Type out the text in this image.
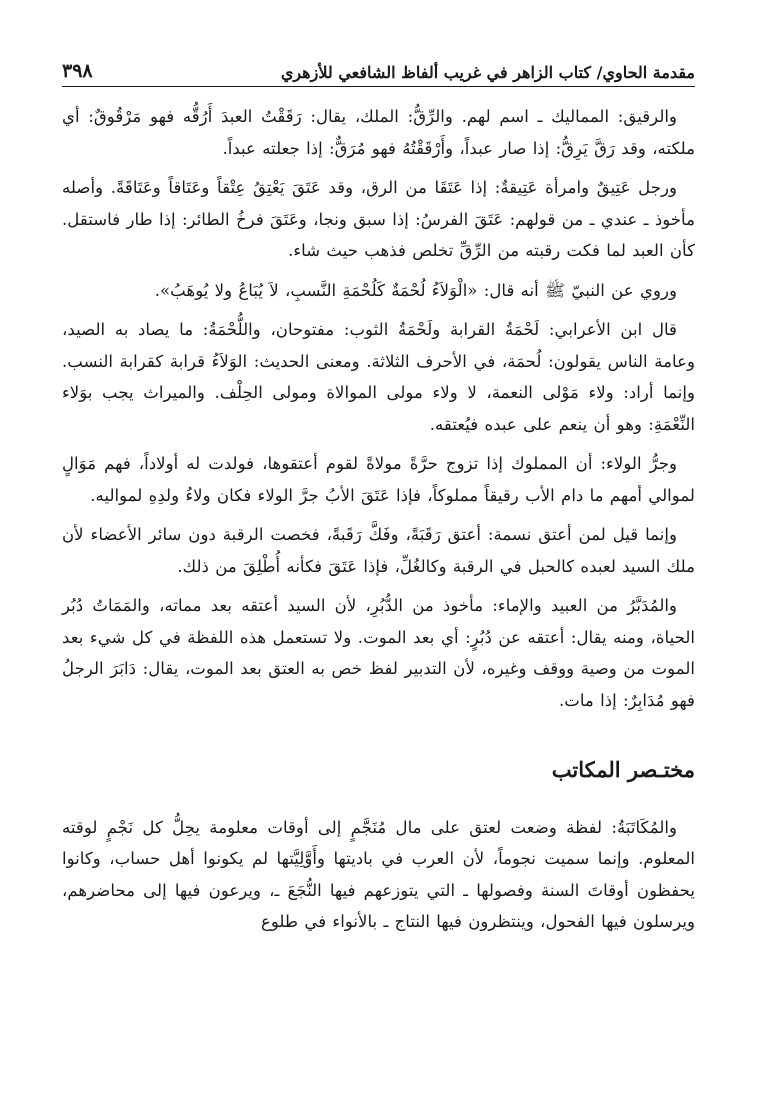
مقدمة الحاوي/ كتاب الزاهر في غريب ألفاظ الشافعي للأزهري
٣٩٨

والرقيق: المماليك ـ اسم لهم. والرِّقُّ: الملك، يقال: رَقَقْتُ العبدَ أَرُقُّه فهو مَرْقُوقٌ: أي ملكته، وقد رَقَّ يَرِقُّ: إذا صار عبداً، وأَرْقَقْتُهُ فهو مُرَقٌّ: إذا جعلته عبداً.

ورجل عَتِيقٌ وامرأة عَتِيقةٌ: إذا عَتَقَا من الرق، وقد عَتَقَ يَعْتِقُ عِتْقاً وعَتَاقاً وعَتَاقَةً. وأصله مأخوذ ـ عندي ـ من قولهم: عَتَقَ الفرسُ: إذا سبق ونجا، وعَتَقَ فرخُ الطائر: إذا طار فاستقل. كأن العبد لما فكت رقبته من الرِّقِّ تخلص فذهب حيث شاء.

وروي عن النبيّ ﷺ أنه قال: «الْوَلاَءُ لُحْمَةٌ كَلُحْمَةِ النَّسبِ، لاَ يُبَاعُ ولا يُوهَبُ».

قال ابن الأعرابي: لَحْمَةُ القرابة ولَحْمَةُ الثوب: مفتوحان، واللُّحْمَةُ: ما يصاد به الصيد، وعامة الناس يقولون: لُحمَة، في الأحرف الثلاثة. ومعنى الحديث: الوَلاَءُ قرابة كقرابة النسب. وإنما أراد: ولاء مَوْلى النعمة، لا ولاء مولى الموالاة ومولى الحِلْف. والميراث يجب بوَلاء النِّعْمَةِ: وهو أن ينعم على عبده فيُعتقه.

وجرُّ الولاء: أن المملوك إذا تزوج حرَّةً مولاةً لقوم أعتقوها، فولدت له أولاداً، فهم مَوَالٍ لموالي أمهم ما دام الأب رقيقاً مملوكاً، فإذا عَتَقَ الأبُ جرَّ الولاء فكان ولاءُ ولدِهِ لمواليه.

وإنما قيل لمن أعتق نسمة: أعتق رَقَبَةً، وفَكَّ رَقَبةً، فخصت الرقبة دون سائر الأعضاء لأن ملك السيد لعبده كالحبل في الرقبة وكالغُلِّ، فإذا عَتَقَ فكأنه أُطْلِقَ من ذلك.

والمُدَبَّرُ من العبيد والإماء: مأخوذ من الدُّبُرِ، لأن السيد أعتقه بعد مماته، والمَمَاتُ دُبُر الحياة، ومنه يقال: أعتقه عن دُبُرٍ: أي بعد الموت. ولا تستعمل هذه اللفظة في كل شيء بعد الموت من وصية ووقف وغيره، لأن التدبير لفظ خص به العتق بعد الموت، يقال: دَابَرَ الرجلُ فهو مُدَابِرٌ: إذا مات.

مختـصر المكاتب

والمُكَاتَبَةُ: لفظة وضعت لعتق على مال مُنَجَّمٍ إلى أوقات معلومة يحِلُّ كل نَجْمٍ لوقته المعلوم. وإنما سميت نجوماً، لأن العرب في باديتها وأَوَّلِيَّتها لم يكونوا أهل حساب، وكانوا يحفظون أوقاتَ السنة وفصولها ـ التي يتوزعهم فيها النُّجَعَ ـ، ويرعون فيها إلى محاضرهم، ويرسلون فيها الفحول، وينتظرون فيها النتاج ـ بالأنواء في طلوع
